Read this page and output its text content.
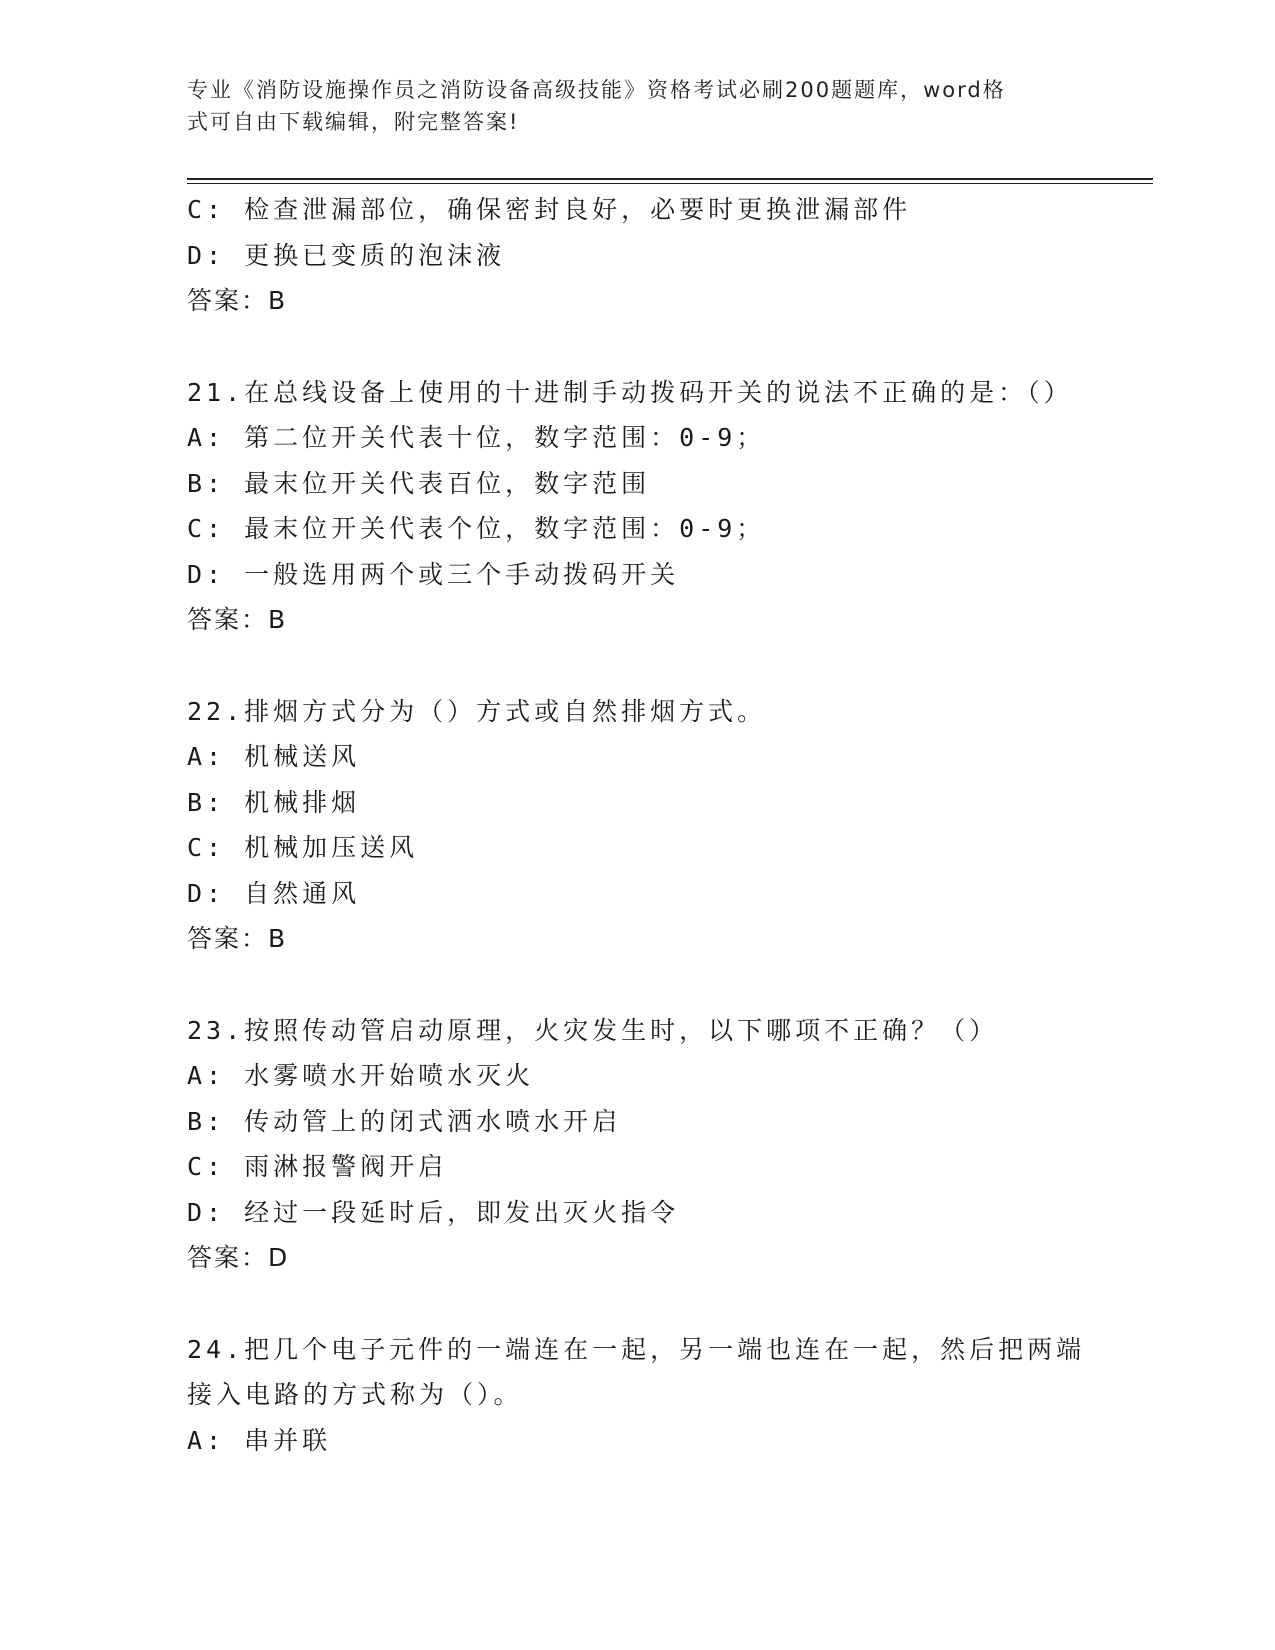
专业《消防设施操作员之消防设备高级技能》资格考试必刷200题题库，word格
式可自由下载编辑，附完整答案!
C: 检查泄漏部位，确保密封良好，必要时更换泄漏部件
D: 更换已变质的泡沫液
答案：B
21.在总线设备上使用的十进制手动拨码开关的说法不正确的是：（）
A: 第二位开关代表十位，数字范围：0-9；
B: 最末位开关代表百位，数字范围
C: 最末位开关代表个位，数字范围：0-9；
D: 一般选用两个或三个手动拨码开关
答案：B
22.排烟方式分为（）方式或自然排烟方式。
A: 机械送风
B: 机械排烟
C: 机械加压送风
D: 自然通风
答案：B
23.按照传动管启动原理，火灾发生时，以下哪项不正确？（）
A: 水雾喷水开始喷水灭火
B: 传动管上的闭式洒水喷水开启
C: 雨淋报警阀开启
D: 经过一段延时后，即发出灭火指令
答案：D
24.把几个电子元件的一端连在一起，另一端也连在一起，然后把两端
接入电路的方式称为（）。
A: 串并联
